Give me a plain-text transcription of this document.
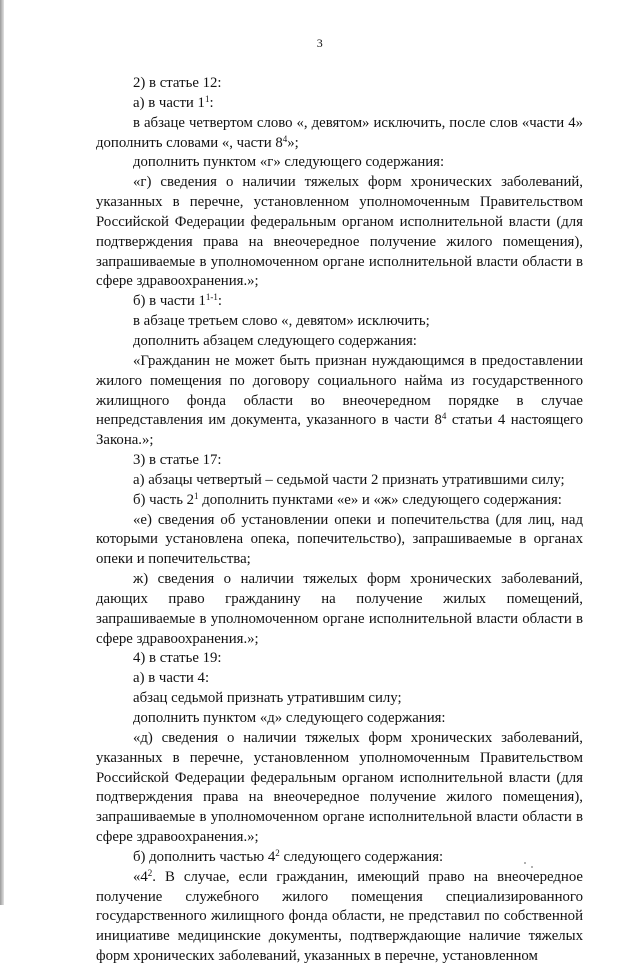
3

2) в статье 12:

а) в части $1^1$:

в абзаце четвертом слово «, девятом» исключить, после слов «части 4» дополнить словами «, части $8^4$»;

дополнить пунктом «г» следующего содержания:

«г) сведения о наличии тяжелых форм хронических заболеваний, указанных в перечне, установленном уполномоченным Правительством Российской Федерации федеральным органом исполнительной власти (для подтверждения права на внеочередное получение жилого помещения), запрашиваемые в уполномоченном органе исполнительной власти области в сфере здравоохранения.»;

б) в части 1$^{1-1}$:

в абзаце третьем слово «, девятом» исключить;

дополнить абзацем следующего содержания:

«Гражданин не может быть признан нуждающимся в предоставлении жилого помещения по договору социального найма из государственного жилищного фонда области во внеочередном порядке в случае непредставления им документа, указанного в части $8^4$ статьи 4 настоящего Закона.»;

3) в статье 17:

а) абзацы четвертый – седьмой части 2 признать утратившими силу;

б) часть $2^1$ дополнить пунктами «е» и «ж» следующего содержания:

«е) сведения об установлении опеки и попечительства (для лиц, над которыми установлена опека, попечительство), запрашиваемые в органах опеки и попечительства;

ж) сведения о наличии тяжелых форм хронических заболеваний, дающих право гражданину на получение жилых помещений, запрашиваемые в уполномоченном органе исполнительной власти области в сфере здравоохранения.»;

4) в статье 19:

а) в части 4:

абзац седьмой признать утратившим силу;

дополнить пунктом «д» следующего содержания:

«д) сведения о наличии тяжелых форм хронических заболеваний, указанных в перечне, установленном уполномоченным Правительством Российской Федерации федеральным органом исполнительной власти (для подтверждения права на внеочередное получение жилого помещения), запрашиваемые в уполномоченном органе исполнительной власти области в сфере здравоохранения.»;

б) дополнить частью $4^2$ следующего содержания:

«$4^2$. В случае, если гражданин, имеющий право на внеочередное получение служебного жилого помещения специализированного государственного жилищного фонда области, не представил по собственной инициативе медицинские документы, подтверждающие наличие тяжелых форм хронических заболеваний, указанных в перечне, установленном
